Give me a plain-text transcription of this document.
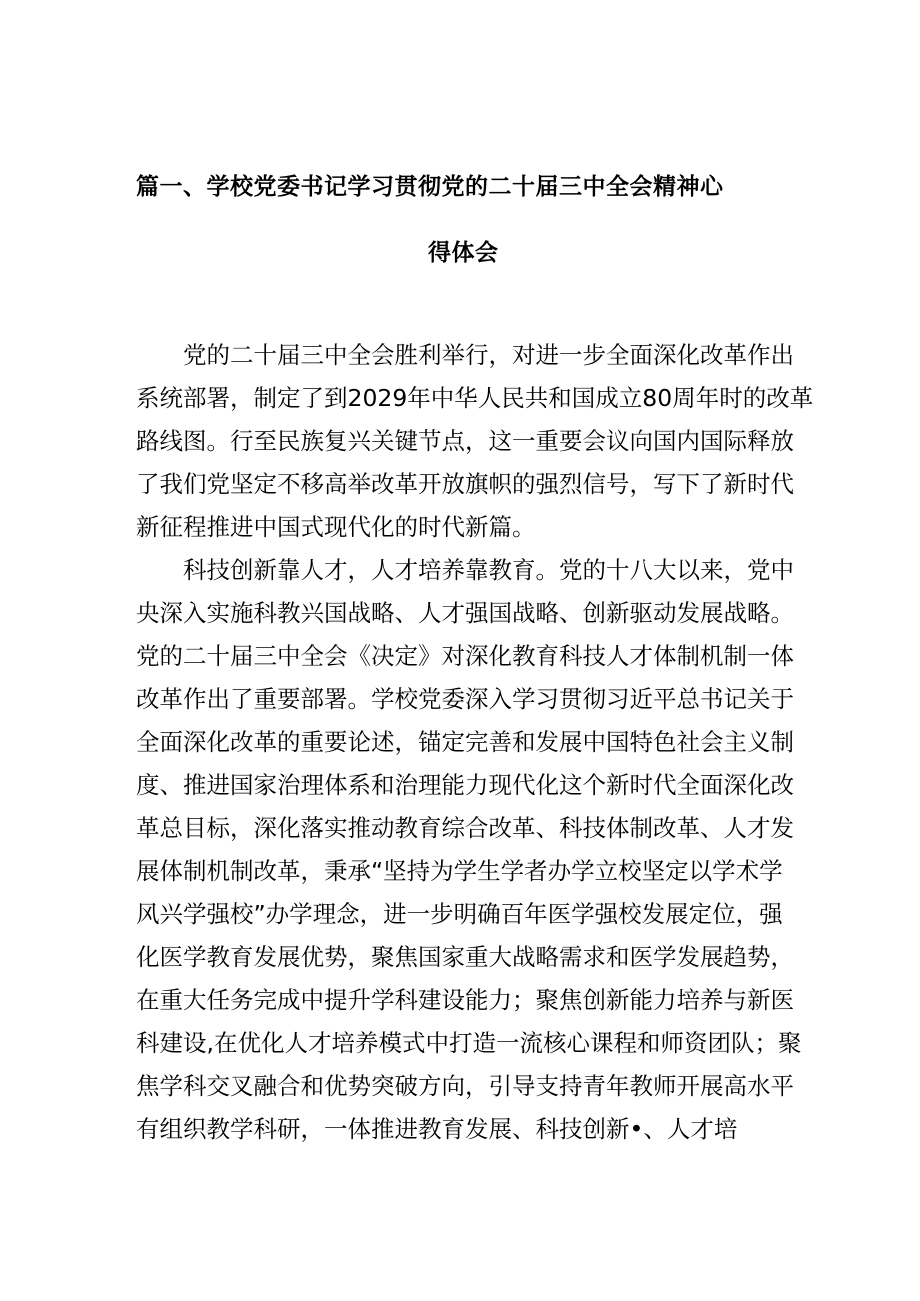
篇一、学校党委书记学习贯彻党的二十届三中全会精神心
得体会
党的二十届三中全会胜利举行，对进一步全面深化改革作出
系统部署，制定了到2029年中华人民共和国成立80周年时的改革
路线图。行至民族复兴关键节点，这一重要会议向国内国际释放
了我们党坚定不移高举改革开放旗帜的强烈信号，写下了新时代
新征程推进中国式现代化的时代新篇。
科技创新靠人才，人才培养靠教育。党的十八大以来，党中
央深入实施科教兴国战略、人才强国战略、创新驱动发展战略。
党的二十届三中全会《决定》对深化教育科技人才体制机制一体
改革作出了重要部署。学校党委深入学习贯彻习近平总书记关于
全面深化改革的重要论述，锚定完善和发展中国特色社会主义制
度、推进国家治理体系和治理能力现代化这个新时代全面深化改
革总目标，深化落实推动教育综合改革、科技体制改革、人才发
展体制机制改革，秉承“坚持为学生学者办学立校坚定以学术学
风兴学强校”办学理念，进一步明确百年医学强校发展定位，强
化医学教育发展优势，聚焦国家重大战略需求和医学发展趋势，
在重大任务完成中提升学科建设能力；聚焦创新能力培养与新医
科建设,在优化人才培养模式中打造一流核心课程和师资团队；聚
焦学科交叉融合和优势突破方向，引导支持青年教师开展高水平
有组织教学科研，一体推进教育发展、科技创新•、人才培
